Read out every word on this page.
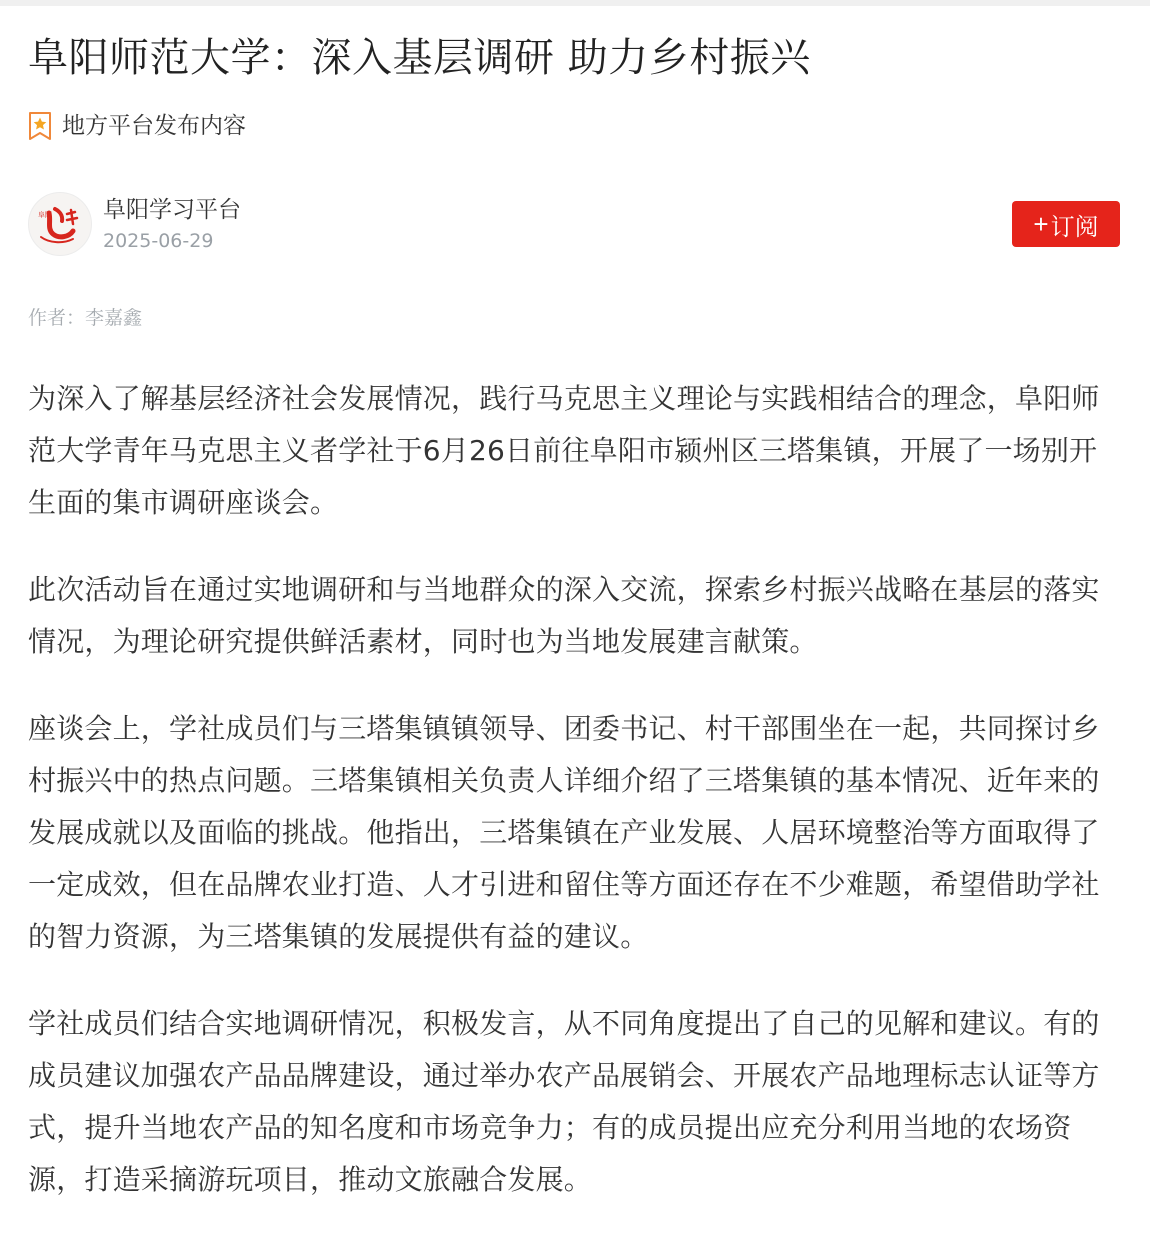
阜阳师范大学：深入基层调研 助力乡村振兴
地方平台发布内容
阜阳 阜阳学习平台
2025-06-29
+ 订阅
作者：李嘉鑫

为深入了解基层经济社会发展情况，践行马克思主义理论与实践相结合的理念，阜阳师范大学青年马克思主义者学社于6月26日前往阜阳市颍州区三塔集镇，开展了一场别开生面的集市调研座谈会。

此次活动旨在通过实地调研和与当地群众的深入交流，探索乡村振兴战略在基层的落实情况，为理论研究提供鲜活素材，同时也为当地发展建言献策。

座谈会上，学社成员们与三塔集镇镇领导、团委书记、村干部围坐在一起，共同探讨乡村振兴中的热点问题。三塔集镇相关负责人详细介绍了三塔集镇的基本情况、近年来的发展成就以及面临的挑战。他指出，三塔集镇在产业发展、人居环境整治等方面取得了一定成效，但在品牌农业打造、人才引进和留住等方面还存在不少难题，希望借助学社的智力资源，为三塔集镇的发展提供有益的建议。

学社成员们结合实地调研情况，积极发言，从不同角度提出了自己的见解和建议。有的成员建议加强农产品品牌建设，通过举办农产品展销会、开展农产品地理标志认证等方式，提升当地农产品的知名度和市场竞争力；有的成员提出应充分利用当地的农场资源，打造采摘游玩项目，推动文旅融合发展。
